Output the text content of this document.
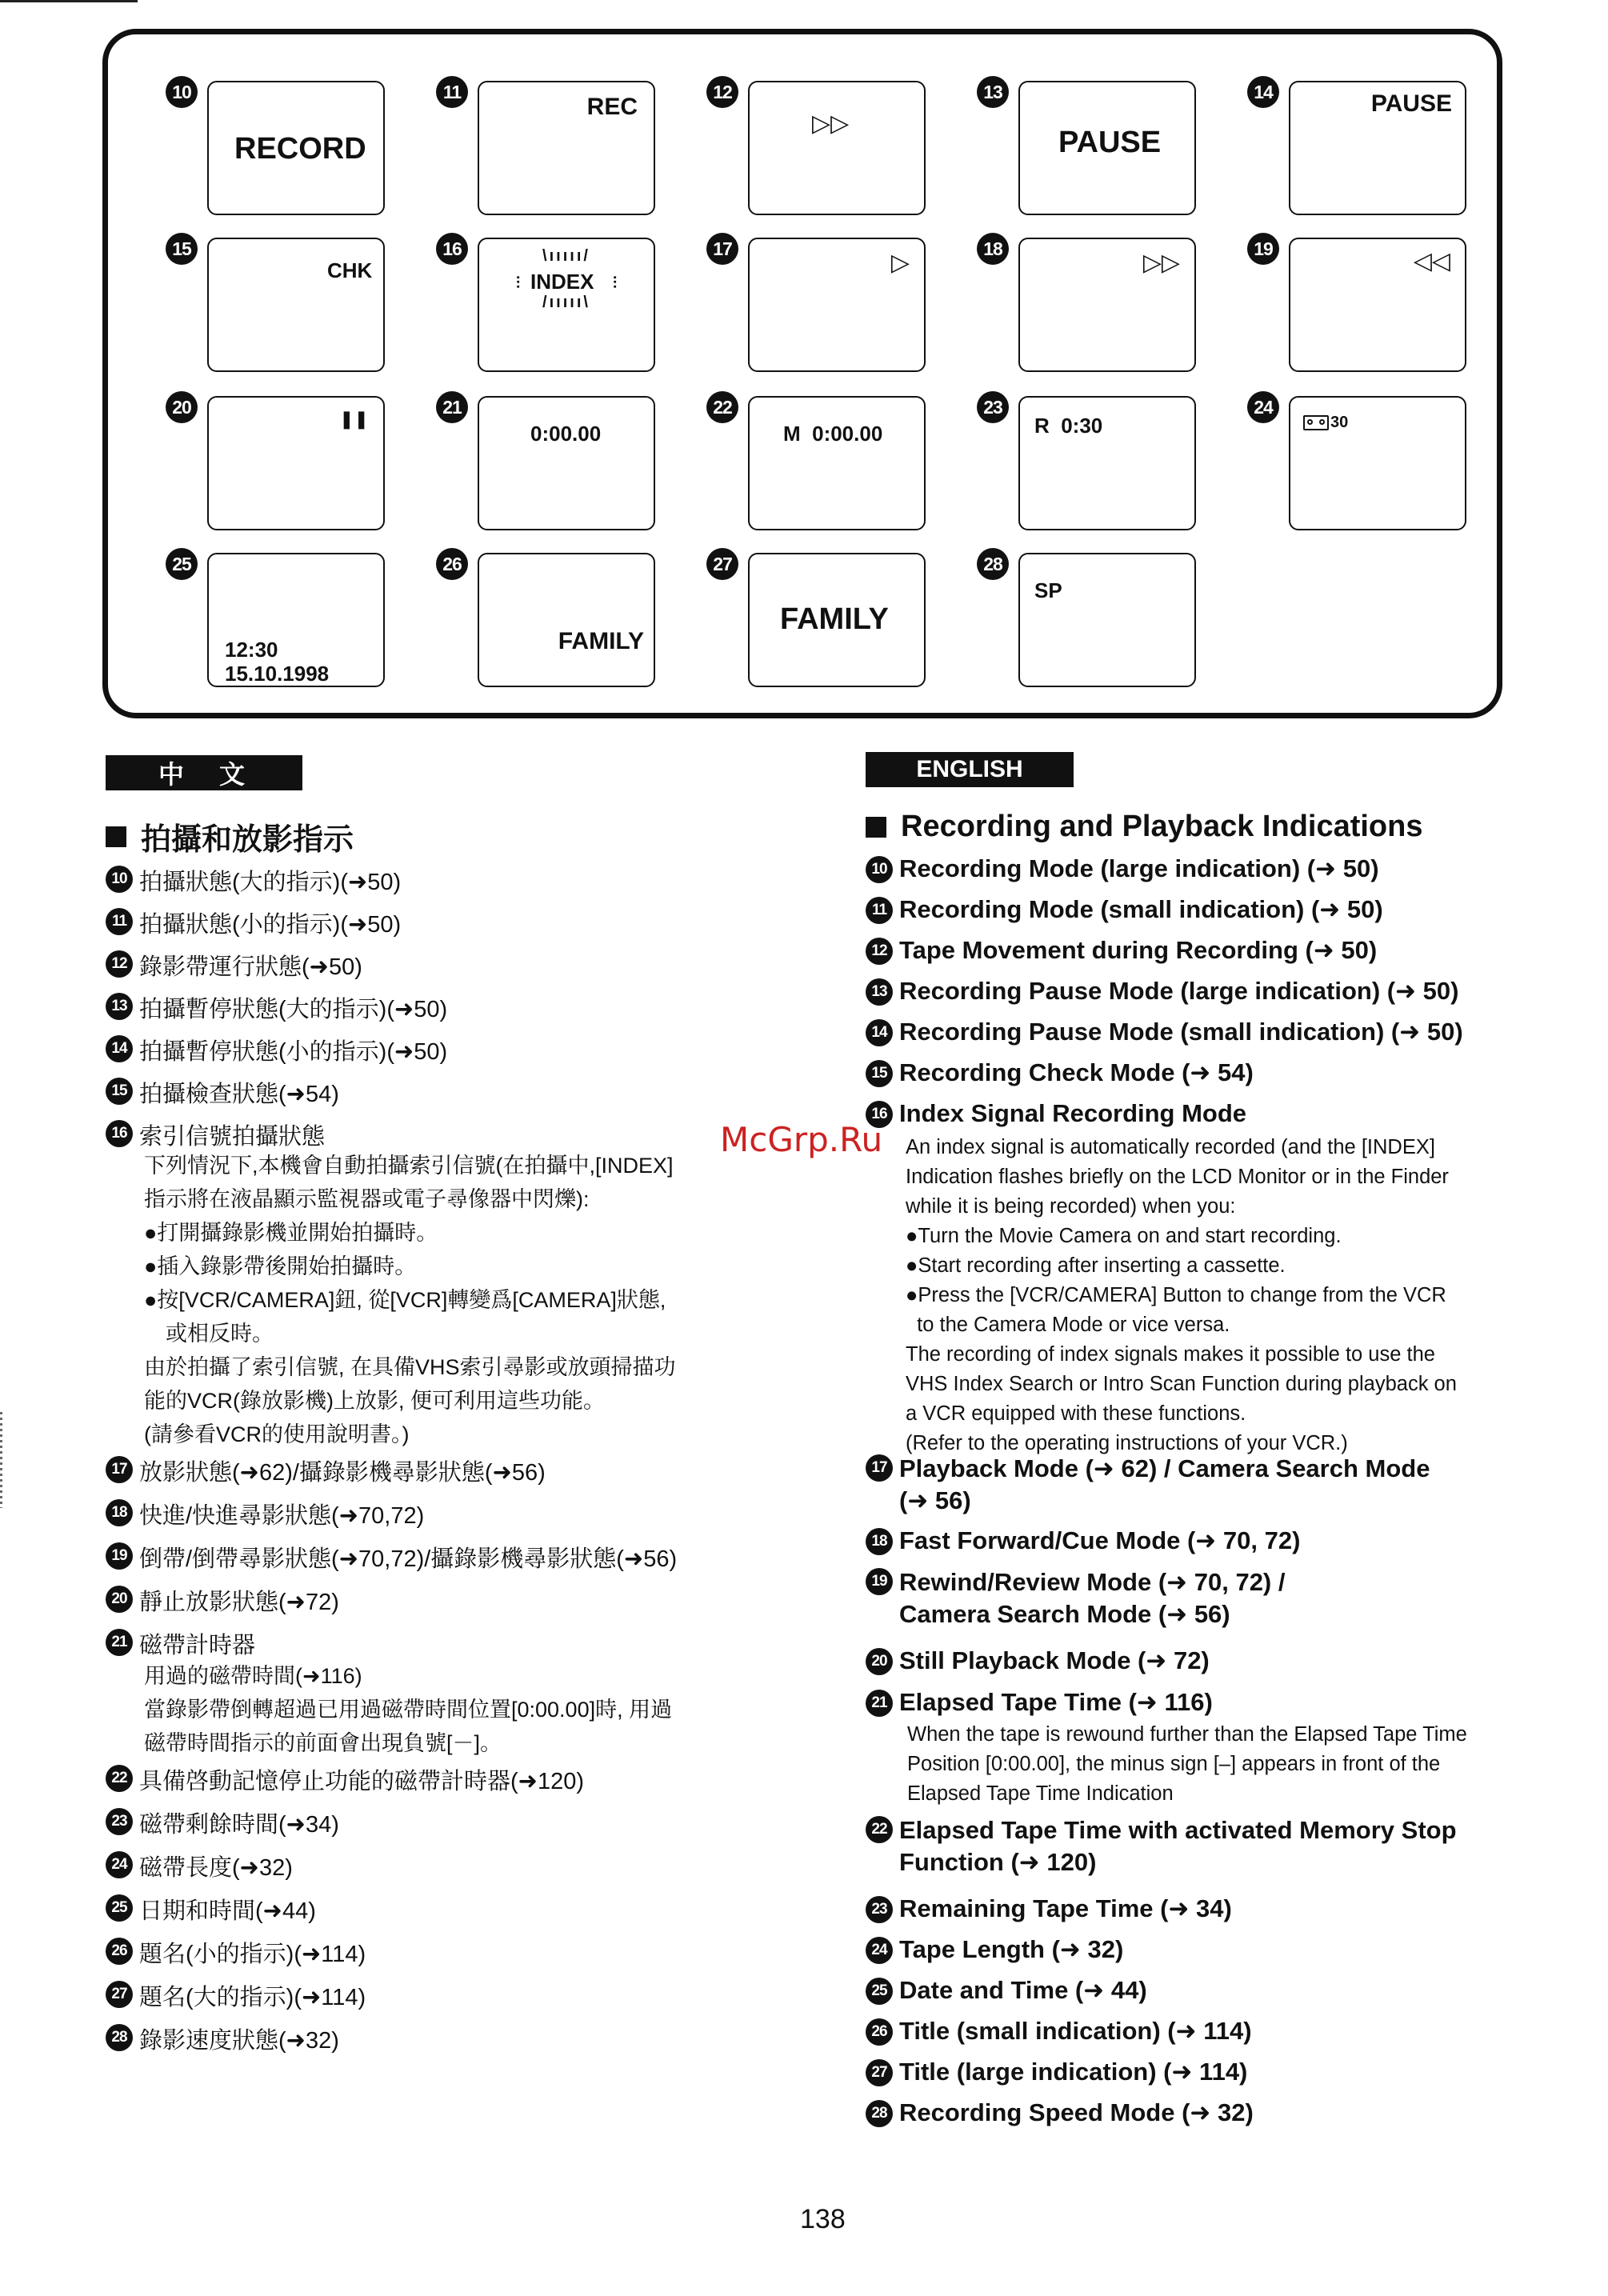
10
RECORD
11
REC
12
▷▷
13
PAUSE
14	PAUSE
15
CHK
16	\ııııı/
⫶ INDEX ⫶
/ııııı\
17
▷
18
▷▷
19	◁◁
20
❚❚
21
0:00.00
22
M  0:00.00
23
R  0:30
24
30
25
12:30
15.10.1998
26
FAMILY
27
FAMILY
28
SP
中　文
拍攝和放影指示
10 拍攝狀態(大的指示)(➜50)
11 拍攝狀態(小的指示)(➜50)
12 錄影帶運行狀態(➜50)
13 拍攝暫停狀態(大的指示)(➜50)
14 拍攝暫停狀態(小的指示)(➜50)
15 拍攝檢查狀態(➜54)
16 索引信號拍攝狀態
下列情況下,本機會自動拍攝索引信號(在拍攝中,[INDEX]
指示將在液晶顯示監視器或電子尋像器中閃爍):
●打開攝錄影機並開始拍攝時。
●插入錄影帶後開始拍攝時。
●按[VCR/CAMERA]鈕, 從[VCR]轉變爲[CAMERA]狀態,
　或相反時。
由於拍攝了索引信號, 在具備VHS索引尋影或放頭掃描功
能的VCR(錄放影機)上放影, 便可利用這些功能。
(請參看VCR的使用說明書。)
17 放影狀態(➜62)/攝錄影機尋影狀態(➜56)
18 快進/快進尋影狀態(➜70,72)
19 倒帶/倒帶尋影狀態(➜70,72)/攝錄影機尋影狀態(➜56)
20 靜止放影狀態(➜72)
21 磁帶計時器
用過的磁帶時間(➜116)
當錄影帶倒轉超過已用過磁帶時間位置[0:00.00]時, 用過
磁帶時間指示的前面會出現負號[－]。
22 具備啓動記憶停止功能的磁帶計時器(➜120)
23 磁帶剩餘時間(➜34)
24 磁帶長度(➜32)
25 日期和時間(➜44)
26 題名(小的指示)(➜114)
27 題名(大的指示)(➜114)
28 錄影速度狀態(➜32)
ENGLISH
Recording and Playback Indications
10 Recording Mode (large indication) (➜ 50)
11 Recording Mode (small indication) (➜ 50)
12 Tape Movement during Recording (➜ 50)
13 Recording Pause Mode (large indication) (➜ 50)
14 Recording Pause Mode (small indication) (➜ 50)
15 Recording Check Mode (➜ 54)
16 Index Signal Recording Mode
An index signal is automatically recorded (and the [INDEX]
Indication flashes briefly on the LCD Monitor or in the Finder
while it is being recorded) when you:
●Turn the Movie Camera on and start recording.
●Start recording after inserting a cassette.
●Press the [VCR/CAMERA] Button to change from the VCR
to the Camera Mode or vice versa.
The recording of index signals makes it possible to use the
VHS Index Search or Intro Scan Function during playback on
a VCR equipped with these functions.
(Refer to the operating instructions of your VCR.)
17 Playback Mode (➜ 62) / Camera Search Mode
(➜ 56)
18 Fast Forward/Cue Mode (➜ 70, 72)
19 Rewind/Review Mode (➜ 70, 72) /
Camera Search Mode (➜ 56)
20 Still Playback Mode (➜ 72)
21 Elapsed Tape Time (➜ 116)
When the tape is rewound further than the Elapsed Tape Time
Position [0:00.00], the minus sign [–] appears in front of the
Elapsed Tape Time Indication
22 Elapsed Tape Time with activated Memory Stop
Function (➜ 120)
23 Remaining Tape Time (➜ 34)
24 Tape Length (➜ 32)
25 Date and Time (➜ 44)
26 Title (small indication) (➜ 114)
27 Title (large indication) (➜ 114)
28 Recording Speed Mode (➜ 32)
McGrp.Ru
138
